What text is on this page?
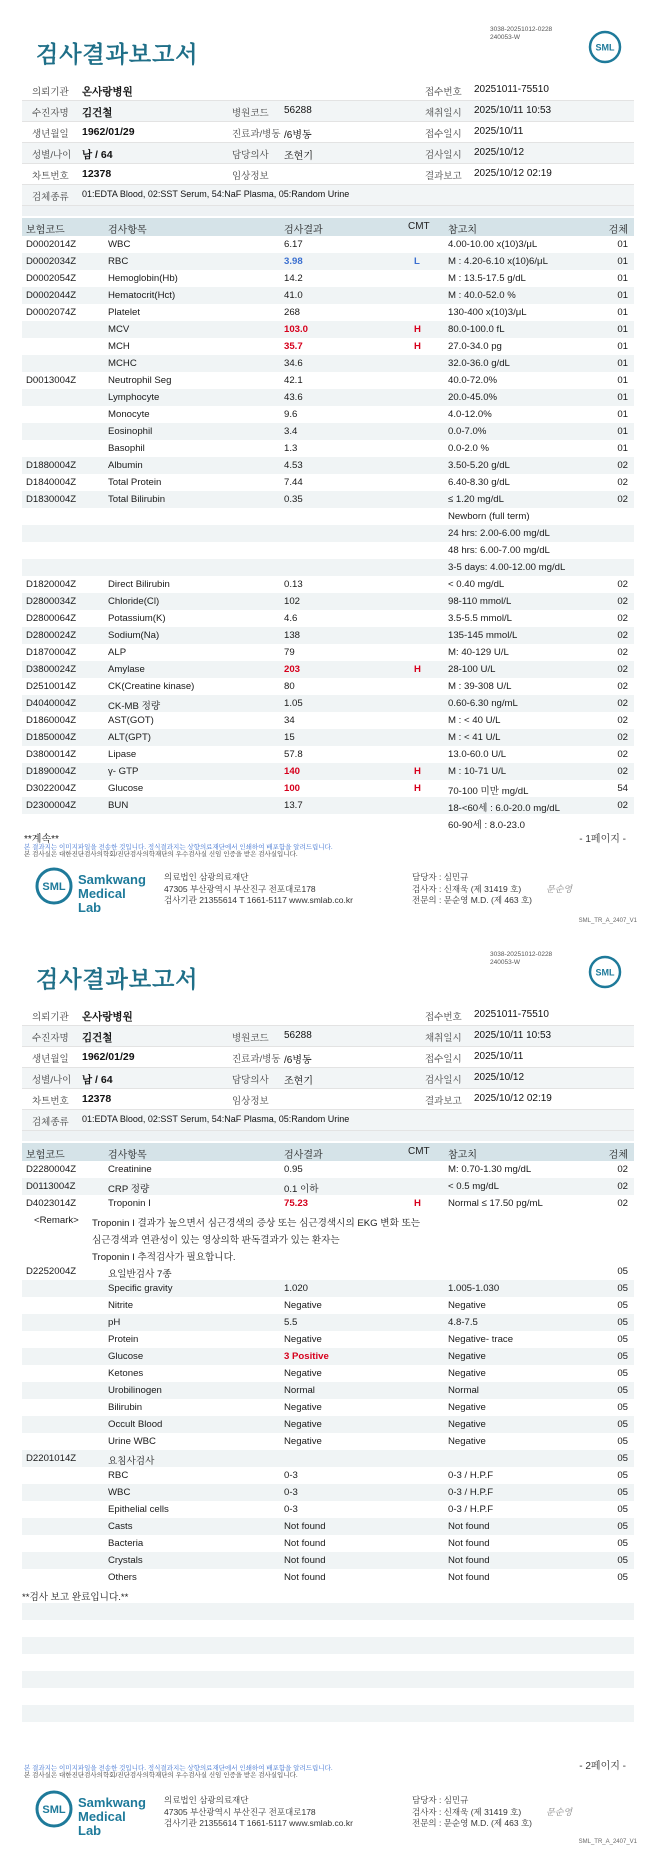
3038-20251012-0228
240053-W
SML
검사결과보고서
의뢰기관 온사랑병원	접수번호 20251011-75510
수진자명 김건철	병원코드 56288	채취일시 2025/10/11 10:53
생년월일 1962/01/29	진료과/병동 /6병동	접수일시 2025/10/11
성별/나이 남 / 64	담당의사 조현기	검사일시 2025/10/12
차트번호 12378	임상정보	결과보고 2025/10/12 02:19
검체종류 01:EDTA Blood, 02:SST Serum, 54:NaF Plasma, 05:Random Urine
보험코드	검사항목	검사결과	CMT 참고치	검체
D0002014Z	WBC	6.17	4.00-10.00 x(10)3/μL	01
D0002034Z	RBC	3.98	L	M : 4.20-6.10 x(10)6/μL	01
D0002054Z	Hemoglobin(Hb)	14.2	M : 13.5-17.5 g/dL	01
D0002044Z	Hematocrit(Hct)	41.0	M : 40.0-52.0 %	01
D0002074Z	Platelet	268	130-400 x(10)3/μL	01
MCV	103.0	H	80.0-100.0 fL	01
MCH	35.7	H	27.0-34.0 pg	01
MCHC	34.6	32.0-36.0 g/dL	01
D0013004Z	Neutrophil Seg	42.1	40.0-72.0%	01
Lymphocyte	43.6	20.0-45.0%	01
Monocyte	9.6	4.0-12.0%	01
Eosinophil	3.4	0.0-7.0%	01
Basophil	1.3	0.0-2.0 %	01
D1880004Z	Albumin	4.53	3.50-5.20 g/dL	02
D1840004Z	Total Protein	7.44	6.40-8.30 g/dL	02
D1830004Z	Total Bilirubin	0.35	≤ 1.20 mg/dL	02
Newborn (full term)
24 hrs: 2.00-6.00 mg/dL
48 hrs: 6.00-7.00 mg/dL
3-5 days: 4.00-12.00 mg/dL
D1820004Z	Direct Bilirubin	0.13	< 0.40 mg/dL	02
D2800034Z	Chloride(Cl)	102	98-110 mmol/L	02
D2800064Z	Potassium(K)	4.6	3.5-5.5 mmol/L	02
D2800024Z	Sodium(Na)	138	135-145 mmol/L	02
D1870004Z	ALP	79	M: 40-129 U/L	02
D3800024Z	Amylase	203	H	28-100 U/L	02
D2510014Z	CK(Creatine kinase)	80	M : 39-308 U/L	02
D4040004Z	CK-MB 정량	1.05	0.60-6.30 ng/mL	02
D1860004Z	AST(GOT)	34	M : < 40 U/L	02
D1850004Z	ALT(GPT)	15	M : < 41 U/L	02
D3800014Z	Lipase	57.8	13.0-60.0 U/L	02
D1890004Z	γ- GTP	140	H	M : 10-71 U/L	02
D3022004Z	Glucose	100	H	70-100 미만 mg/dL	54
D2300004Z	BUN	13.7	18-<60세 : 6.0-20.0 mg/dL	02
60-90세 : 8.0-23.0
**계속**	- 1페이지 -
본 결과지는 이미지파일을 전송한 것입니다. 정식결과지는 상향의료재단에서 인쇄하여 배포함을 알려드립니다.
본 검사실은 대한진단검사의학회/진단검사의학재단의 우수검사실 신임 인증을 받은 검사실입니다.
SML Samkwang
Medical Lab
의료법인 삼광의료재단
47305 부산광역시 부산진구 전포대로178
검사기관 21355614 T 1661-5117 www.smlab.co.kr
담당자 : 심민규
검사자 : 신재욱 (제 31419 호)
전문의 : 문순영 M.D. (제 463 호)
문순영
SML_TR_A_2407_V1
3038-20251012-0228
240053-W
SML
검사결과보고서
의뢰기관 온사랑병원	접수번호 20251011-75510
수진자명 김건철	병원코드 56288	채취일시 2025/10/11 10:53
생년월일 1962/01/29	진료과/병동 /6병동	접수일시 2025/10/11
성별/나이 남 / 64	담당의사 조현기	검사일시 2025/10/12
차트번호 12378	임상정보	결과보고 2025/10/12 02:19
검체종류 01:EDTA Blood, 02:SST Serum, 54:NaF Plasma, 05:Random Urine
보험코드	검사항목	검사결과	CMT 참고치	검체
D2280004Z	Creatinine	0.95	M: 0.70-1.30 mg/dL	02
D0113004Z	CRP 정량	0.1 이하	< 0.5 mg/dL	02
D4023014Z	Troponin I	75.23	H	Normal ≤ 17.50 pg/mL	02
<Remark> Troponin I 결과가 높으면서 심근경색의 증상 또는 심근경색시의 EKG 변화 또는
심근경색과 연관성이 있는 영상의학 판독결과가 있는 환자는
Troponin I 추적검사가 필요합니다.
D2252004Z	요일반검사 7종	05
Specific gravity	1.020	1.005-1.030	05
Nitrite	Negative	Negative	05
pH	5.5	4.8-7.5	05
Protein	Negative	Negative- trace	05
Glucose	3 Positive	Negative	05
Ketones	Negative	Negative	05
Urobilinogen	Normal	Normal	05
Bilirubin	Negative	Negative	05
Occult Blood	Negative	Negative	05
Urine WBC	Negative	Negative	05
D2201014Z	요침사검사	05
RBC	0-3	0-3 / H.P.F	05
WBC	0-3	0-3 / H.P.F	05
Epithelial cells	0-3	0-3 / H.P.F	05
Casts	Not found	Not found	05
Bacteria	Not found	Not found	05
Crystals	Not found	Not found	05
Others	Not found	Not found	05
**검사 보고 완료입니다.**
- 2페이지 -
본 결과지는 이미지파일을 전송한 것입니다. 정식결과지는 상향의료재단에서 인쇄하여 배포함을 알려드립니다.
본 검사실은 대한진단검사의학회/진단검사의학재단의 우수검사실 신임 인증을 받은 검사실입니다.
SML Samkwang
Medical Lab
의료법인 삼광의료재단
47305 부산광역시 부산진구 전포대로178
검사기관 21355614 T 1661-5117 www.smlab.co.kr
담당자 : 심민규
검사자 : 신재욱 (제 31419 호)
전문의 : 문순영 M.D. (제 463 호)
문순영
SML_TR_A_2407_V1
